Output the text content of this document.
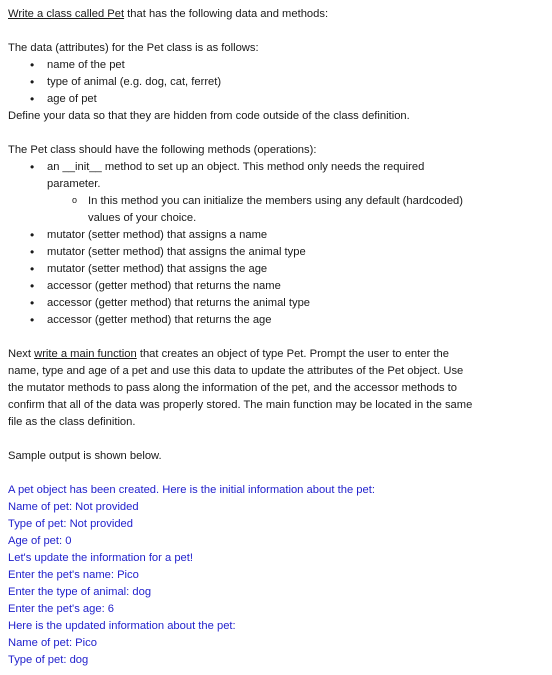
Write a class called Pet that has the following data and methods:
The data (attributes) for the Pet class is as follows:
• name of the pet
• type of animal (e.g. dog, cat, ferret)
• age of pet
Define your data so that they are hidden from code outside of the class definition.
The Pet class should have the following methods (operations):
• an __init__ method to set up an object. This method only needs the required
parameter.
o In this method you can initialize the members using any default (hardcoded)
values of your choice.
• mutator (setter method) that assigns a name
• mutator (setter method) that assigns the animal type
• mutator (setter method) that assigns the age
• accessor (getter method) that returns the name
• accessor (getter method) that returns the animal type
• accessor (getter method) that returns the age
Next write a main function that creates an object of type Pet. Prompt the user to enter the
name, type and age of a pet and use this data to update the attributes of the Pet object. Use
the mutator methods to pass along the information of the pet, and the accessor methods to
confirm that all of the data was properly stored. The main function may be located in the same
file as the class definition.
Sample output is shown below.
A pet object has been created. Here is the initial information about the pet:
Name of pet: Not provided
Type of pet: Not provided
Age of pet: 0
Let's update the information for a pet!
Enter the pet's name: Pico
Enter the type of animal: dog
Enter the pet's age: 6
Here is the updated information about the pet:
Name of pet: Pico
Type of pet: dog
